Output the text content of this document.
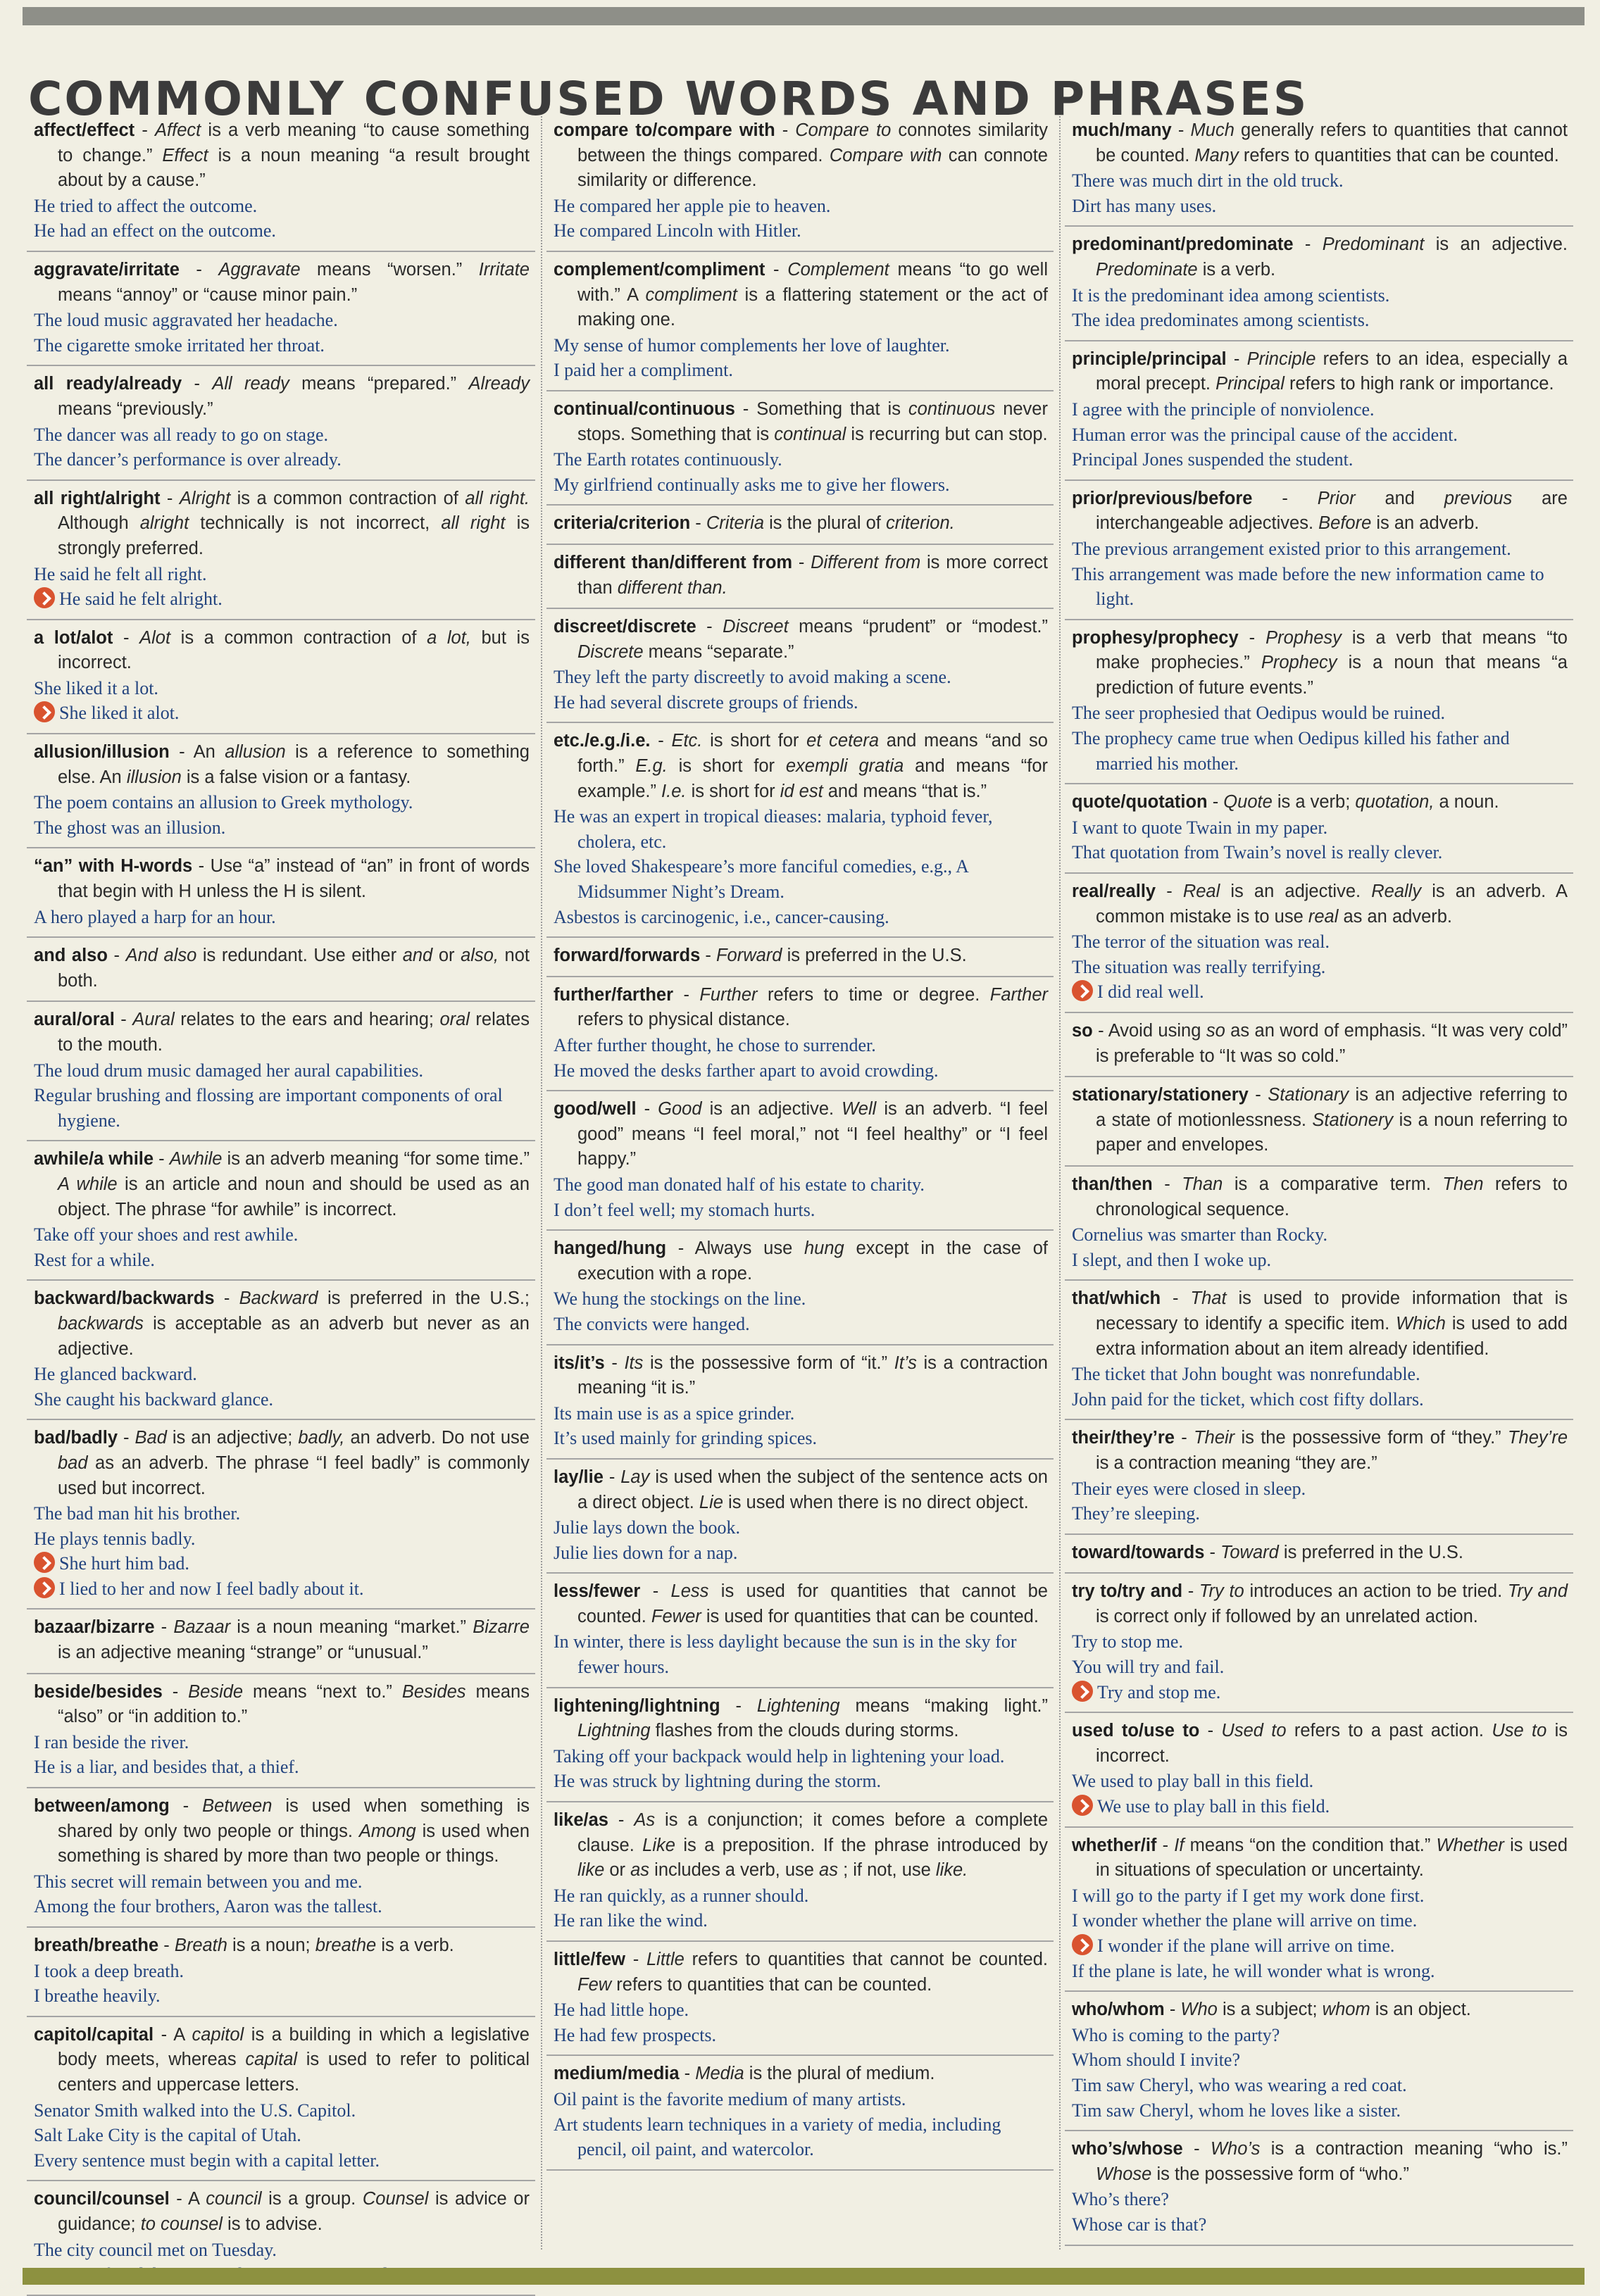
COMMONLY CONFUSED WORDS AND PHRASES

affect/effect - Affect is a verb meaning “to cause something to change.” Effect is a noun meaning “a result brought about by a cause.”

He tried to affect the outcome.
He had an effect on the outcome.

aggravate/irritate - Aggravate means “worsen.” Irritate means “annoy” or “cause minor pain.”

The loud music aggravated her headache.
The cigarette smoke irritated her throat.

all ready/already - All ready means “prepared.” Already means “previously.”

The dancer was all ready to go on stage.
The dancer’s performance is over already.

all right/alright - Alright is a common contraction of all right. Although alright technically is not incorrect, all right is strongly preferred.

He said he felt all right.
He said he felt alright.

a lot/alot - Alot is a common contraction of a lot, but is incorrect.

She liked it a lot.
She liked it alot.

allusion/illusion - An allusion is a reference to something else. An illusion is a false vision or a fantasy.

The poem contains an allusion to Greek mythology.
The ghost was an illusion.

“an” with H-words - Use “a” instead of “an” in front of words that begin with H unless the H is silent.

A hero played a harp for an hour.

and also - And also is redundant. Use either and or also, not both.

aural/oral - Aural relates to the ears and hearing; oral relates to the mouth.

The loud drum music damaged her aural capabilities.
Regular brushing and flossing are important components of oral hygiene.

awhile/a while - Awhile is an adverb meaning “for some time.” A while is an article and noun and should be used as an object. The phrase “for awhile” is incorrect.

Take off your shoes and rest awhile.
Rest for a while.

backward/backwards - Backward is preferred in the U.S.; backwards is acceptable as an adverb but never as an adjective.

He glanced backward.
She caught his backward glance.

bad/badly - Bad is an adjective; badly, an adverb. Do not use bad as an adverb. The phrase “I feel badly” is commonly used but incorrect.

The bad man hit his brother.
He plays tennis badly.
She hurt him bad.
I lied to her and now I feel badly about it.

bazaar/bizarre - Bazaar is a noun meaning “market.” Bizarre is an adjective meaning “strange” or “unusual.”

beside/besides - Beside means “next to.” Besides means “also” or “in addition to.”

I ran beside the river.
He is a liar, and besides that, a thief.

between/among - Between is used when something is shared by only two people or things. Among is used when something is shared by more than two people or things.

This secret will remain between you and me.
Among the four brothers, Aaron was the tallest.

breath/breathe - Breath is a noun; breathe is a verb.

I took a deep breath.
I breathe heavily.

capitol/capital - A capitol is a building in which a legislative body meets, whereas capital is used to refer to political centers and uppercase letters.

Senator Smith walked into the U.S. Capitol.
Salt Lake City is the capital of Utah.
Every sentence must begin with a capital letter.

council/counsel - A council is a group. Counsel is advice or guidance; to counsel is to advise.

The city council met on Tuesday.

compare to/compare with - Compare to connotes similarity between the things compared. Compare with can connote similarity or difference.

He compared her apple pie to heaven.
He compared Lincoln with Hitler.

complement/compliment - Complement means “to go well with.” A compliment is a flattering statement or the act of making one.

My sense of humor complements her love of laughter.
I paid her a compliment.

continual/continuous - Something that is continuous never stops. Something that is continual is recurring but can stop.

The Earth rotates continuously.
My girlfriend continually asks me to give her flowers.

criteria/criterion - Criteria is the plural of criterion.

different than/different from - Different from is more correct than different than.

discreet/discrete - Discreet means “prudent” or “modest.” Discrete means “separate.”

They left the party discreetly to avoid making a scene.
He had several discrete groups of friends.

etc./e.g./i.e. - Etc. is short for et cetera and means “and so forth.” E.g. is short for exempli gratia and means “for example.” I.e. is short for id est and means “that is.”

He was an expert in tropical dieases: malaria, typhoid fever, cholera, etc.
She loved Shakespeare’s more fanciful comedies, e.g., A Midsummer Night’s Dream.
Asbestos is carcinogenic, i.e., cancer-causing.

forward/forwards - Forward is preferred in the U.S.

further/farther - Further refers to time or degree. Farther refers to physical distance.

After further thought, he chose to surrender.
He moved the desks farther apart to avoid crowding.

good/well - Good is an adjective. Well is an adverb. “I feel good” means “I feel moral,” not “I feel healthy” or “I feel happy.”

The good man donated half of his estate to charity.
I don’t feel well; my stomach hurts.

hanged/hung - Always use hung except in the case of execution with a rope.

We hung the stockings on the line.
The convicts were hanged.

its/it’s - Its is the possessive form of “it.” It’s is a contraction meaning “it is.”

Its main use is as a spice grinder.
It’s used mainly for grinding spices.

lay/lie - Lay is used when the subject of the sentence acts on a direct object. Lie is used when there is no direct object.

Julie lays down the book.
Julie lies down for a nap.

less/fewer - Less is used for quantities that cannot be counted. Fewer is used for quantities that can be counted.

In winter, there is less daylight because the sun is in the sky for fewer hours.

lightening/lightning - Lightening means “making light.” Lightning flashes from the clouds during storms.

Taking off your backpack would help in lightening your load.
He was struck by lightning during the storm.

like/as - As is a conjunction; it comes before a complete clause. Like is a preposition. If the phrase introduced by like or as includes a verb, use as ; if not, use like.

He ran quickly, as a runner should.
He ran like the wind.

little/few - Little refers to quantities that cannot be counted. Few refers to quantities that can be counted.

He had little hope.
He had few prospects.

medium/media - Media is the plural of medium.

Oil paint is the favorite medium of many artists.
Art students learn techniques in a variety of media, including pencil, oil paint, and watercolor.

much/many - Much generally refers to quantities that cannot be counted. Many refers to quantities that can be counted.

There was much dirt in the old truck.
Dirt has many uses.

predominant/predominate - Predominant is an adjective. Predominate is a verb.

It is the predominant idea among scientists.
The idea predominates among scientists.

principle/principal - Principle refers to an idea, especially a moral precept. Principal refers to high rank or importance.

I agree with the principle of nonviolence.
Human error was the principal cause of the accident.
Principal Jones suspended the student.

prior/previous/before - Prior and previous are interchangeable adjectives. Before is an adverb.

The previous arrangement existed prior to this arrangement.
This arrangement was made before the new information came to light.

prophesy/prophecy - Prophesy is a verb that means “to make prophecies.” Prophecy is a noun that means “a prediction of future events.”

The seer prophesied that Oedipus would be ruined.
The prophecy came true when Oedipus killed his father and married his mother.

quote/quotation - Quote is a verb; quotation, a noun.

I want to quote Twain in my paper.
That quotation from Twain’s novel is really clever.

real/really - Real is an adjective. Really is an adverb. A common mistake is to use real as an adverb.

The terror of the situation was real.
The situation was really terrifying.
I did real well.

so - Avoid using so as an word of emphasis. “It was very cold” is preferable to “It was so cold.”

stationary/stationery - Stationary is an adjective referring to a state of motionlessness. Stationery is a noun referring to paper and envelopes.

than/then - Than is a comparative term. Then refers to chronological sequence.

Cornelius was smarter than Rocky.
I slept, and then I woke up.

that/which - That is used to provide information that is necessary to identify a specific item. Which is used to add extra information about an item already identified.

The ticket that John bought was nonrefundable.
John paid for the ticket, which cost fifty dollars.

their/they’re - Their is the possessive form of “they.” They’re is a contraction meaning “they are.”

Their eyes were closed in sleep.
They’re sleeping.

toward/towards - Toward is preferred in the U.S.

try to/try and - Try to introduces an action to be tried. Try and is correct only if followed by an unrelated action.

Try to stop me.
You will try and fail.
Try and stop me.

used to/use to - Used to refers to a past action. Use to is incorrect.

We used to play ball in this field.
We use to play ball in this field.

whether/if - If means “on the condition that.” Whether is used in situations of speculation or uncertainty.

I will go to the party if I get my work done first.
I wonder whether the plane will arrive on time.
I wonder if the plane will arrive on time.
If the plane is late, he will wonder what is wrong.

who/whom - Who is a subject; whom is an object.

Who is coming to the party?
Whom should I invite?
Tim saw Cheryl, who was wearing a red coat.
Tim saw Cheryl, whom he loves like a sister.

who’s/whose - Who’s is a contraction meaning “who is.” Whose is the possessive form of “who.”

Who’s there?
Whose car is that?
